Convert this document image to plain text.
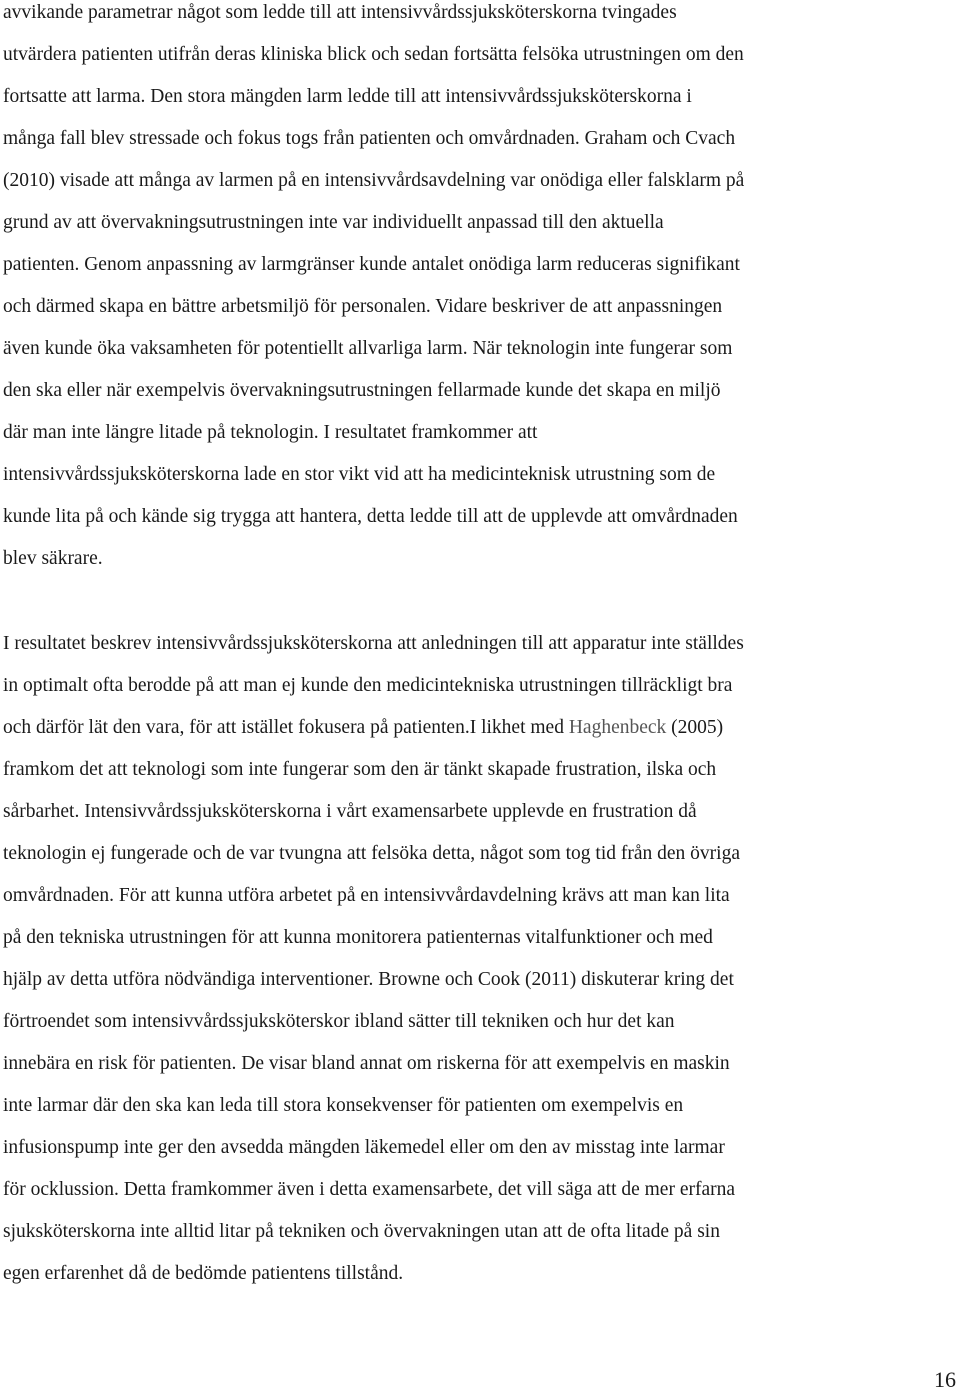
avvikande parametrar något som ledde till att intensivvårdssjuksköterskorna tvingades
utvärdera patienten utifrån deras kliniska blick och sedan fortsätta felsöka utrustningen om den
fortsatte att larma. Den stora mängden larm ledde till att intensivvårdssjuksköterskorna i
många fall blev stressade och fokus togs från patienten och omvårdnaden. Graham och Cvach
(2010) visade att många av larmen på en intensivvårdsavdelning var onödiga eller falsklarm på
grund av att övervakningsutrustningen inte var individuellt anpassad till den aktuella
patienten. Genom anpassning av larmgränser kunde antalet onödiga larm reduceras signifikant
och därmed skapa en bättre arbetsmiljö för personalen. Vidare beskriver de att anpassningen
även kunde öka vaksamheten för potentiellt allvarliga larm. När teknologin inte fungerar som
den ska eller när exempelvis övervakningsutrustningen fellarmade kunde det skapa en miljö
där man inte längre litade på teknologin. I resultatet framkommer att
intensivvårdssjuksköterskorna lade en stor vikt vid att ha medicinteknisk utrustning som de
kunde lita på och kände sig trygga att hantera, detta ledde till att de upplevde att omvårdnaden
blev säkrare.
I resultatet beskrev intensivvårdssjuksköterskorna att anledningen till att apparatur inte ställdes
in optimalt ofta berodde på att man ej kunde den medicintekniska utrustningen tillräckligt bra
och därför lät den vara, för att istället fokusera på patienten.I likhet med Haghenbeck (2005)
framkom det att teknologi som inte fungerar som den är tänkt skapade frustration, ilska och
sårbarhet. Intensivvårdssjuksköterskorna i vårt examensarbete upplevde en frustration då
teknologin ej fungerade och de var tvungna att felsöka detta, något som tog tid från den övriga
omvårdnaden. För att kunna utföra arbetet på en intensivvårdavdelning krävs att man kan lita
på den tekniska utrustningen för att kunna monitorera patienternas vitalfunktioner och med
hjälp av detta utföra nödvändiga interventioner. Browne och Cook (2011) diskuterar kring det
förtroendet som intensivvårdssjuksköterskor ibland sätter till tekniken och hur det kan
innebära en risk för patienten. De visar bland annat om riskerna för att exempelvis en maskin
inte larmar där den ska kan leda till stora konsekvenser för patienten om exempelvis en
infusionspump inte ger den avsedda mängden läkemedel eller om den av misstag inte larmar
för ocklussion. Detta framkommer även i detta examensarbete, det vill säga att de mer erfarna
sjuksköterskorna inte alltid litar på tekniken och övervakningen utan att de ofta litade på sin
egen erfarenhet då de bedömde patientens tillstånd.
16
